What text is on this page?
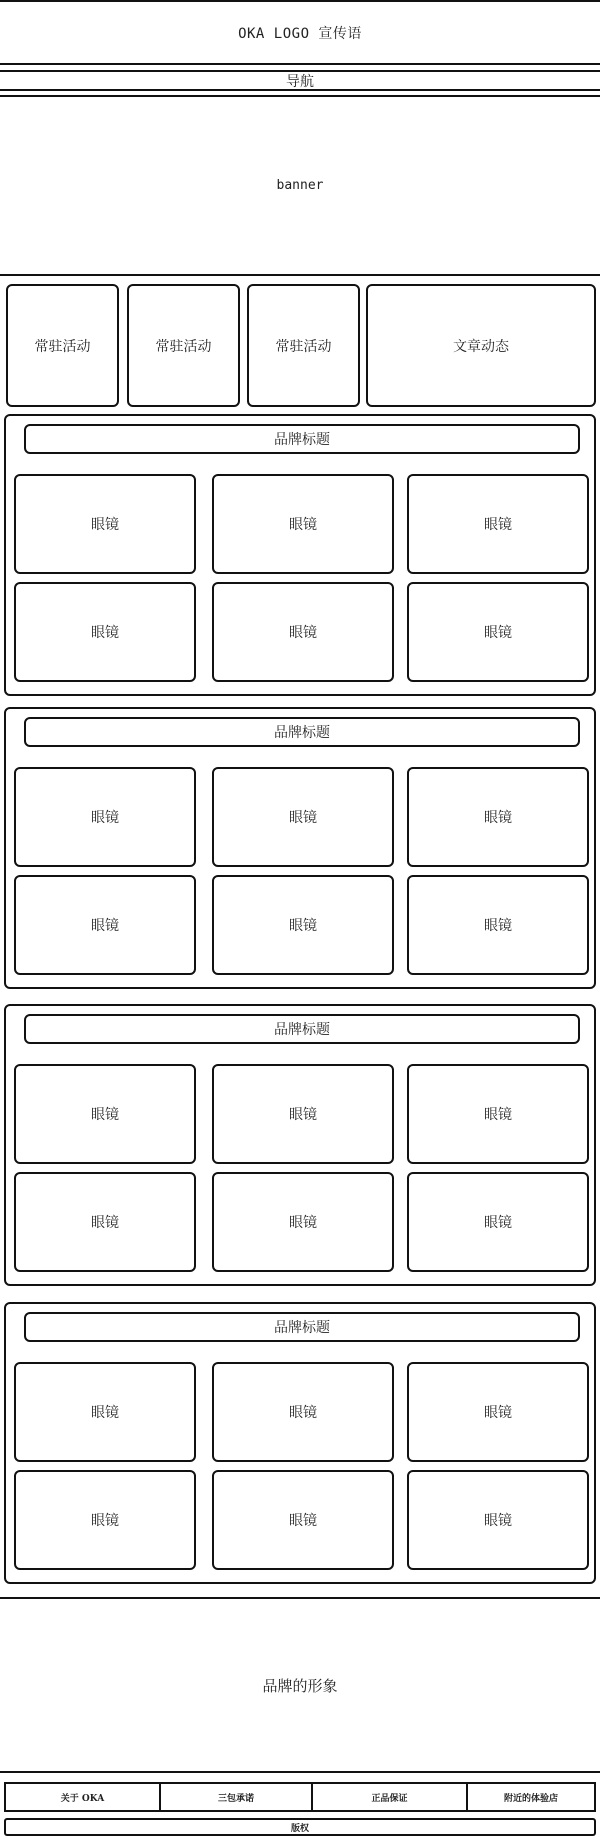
OKA LOGO 宣传语
导航
banner
常驻活动	常驻活动	常驻活动	文章动态
品牌标题
眼镜	眼镜	眼镜
眼镜	眼镜	眼镜
品牌标题
眼镜	眼镜	眼镜
眼镜	眼镜	眼镜
品牌标题
眼镜	眼镜	眼镜
眼镜	眼镜	眼镜
品牌标题
眼镜	眼镜	眼镜
眼镜	眼镜	眼镜
品牌的形象
关于 OKA	三包承诺	正品保证	附近的体验店
版权
